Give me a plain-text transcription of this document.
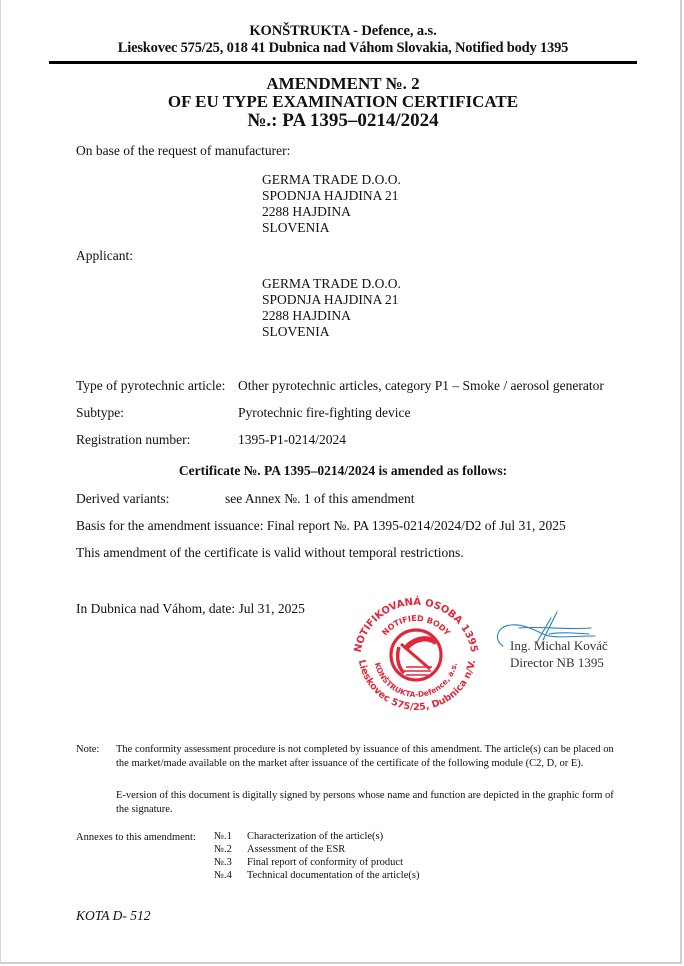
KONŠTRUKTA - Defence, a.s.
Lieskovec 575/25, 018 41 Dubnica nad Váhom Slovakia, Notified body 1395
AMENDMENT №. 2
OF EU TYPE EXAMINATION CERTIFICATE
№.: PA 1395–0214/2024
On base of the request of manufacturer:
GERMA TRADE D.O.O.
SPODNJA HAJDINA 21
2288 HAJDINA
SLOVENIA
Applicant:
GERMA TRADE D.O.O.
SPODNJA HAJDINA 21
2288 HAJDINA
SLOVENIA
Type of pyrotechnic article: Other pyrotechnic articles, category P1 – Smoke / aerosol generator
Subtype:	Pyrotechnic fire-fighting device
Registration number:	1395-P1-0214/2024
Certificate №. PA 1395–0214/2024 is amended as follows:
Derived variants:	see Annex №. 1 of this amendment
Basis for the amendment issuance: Final report №. PA 1395-0214/2024/D2 of Jul 31, 2025
This amendment of the certificate is valid without temporal restrictions.
In Dubnica nad Váhom, date: Jul 31, 2025
NOTIFIKOVANÁ OSOBA 1395
NOTIFIED BODY
KONŠTRUKTA-Defence, a.s.
Lieskovec 575/25, Dubnica n/V.
Ing. Michal Kováč
Director NB 1395
Note: The conformity assessment procedure is not completed by issuance of this amendment. The article(s) can be placed on the market/made available on the market after issuance of the certificate of the following module (C2, D, or E).
E-version of this document is digitally signed by persons whose name and function are depicted in the graphic form of the signature.
Annexes to this amendment: №.1 Characterization of the article(s)
№.2 Assessment of the ESR
№.3 Final report of conformity of product
№.4 Technical documentation of the article(s)
KOTA D- 512
